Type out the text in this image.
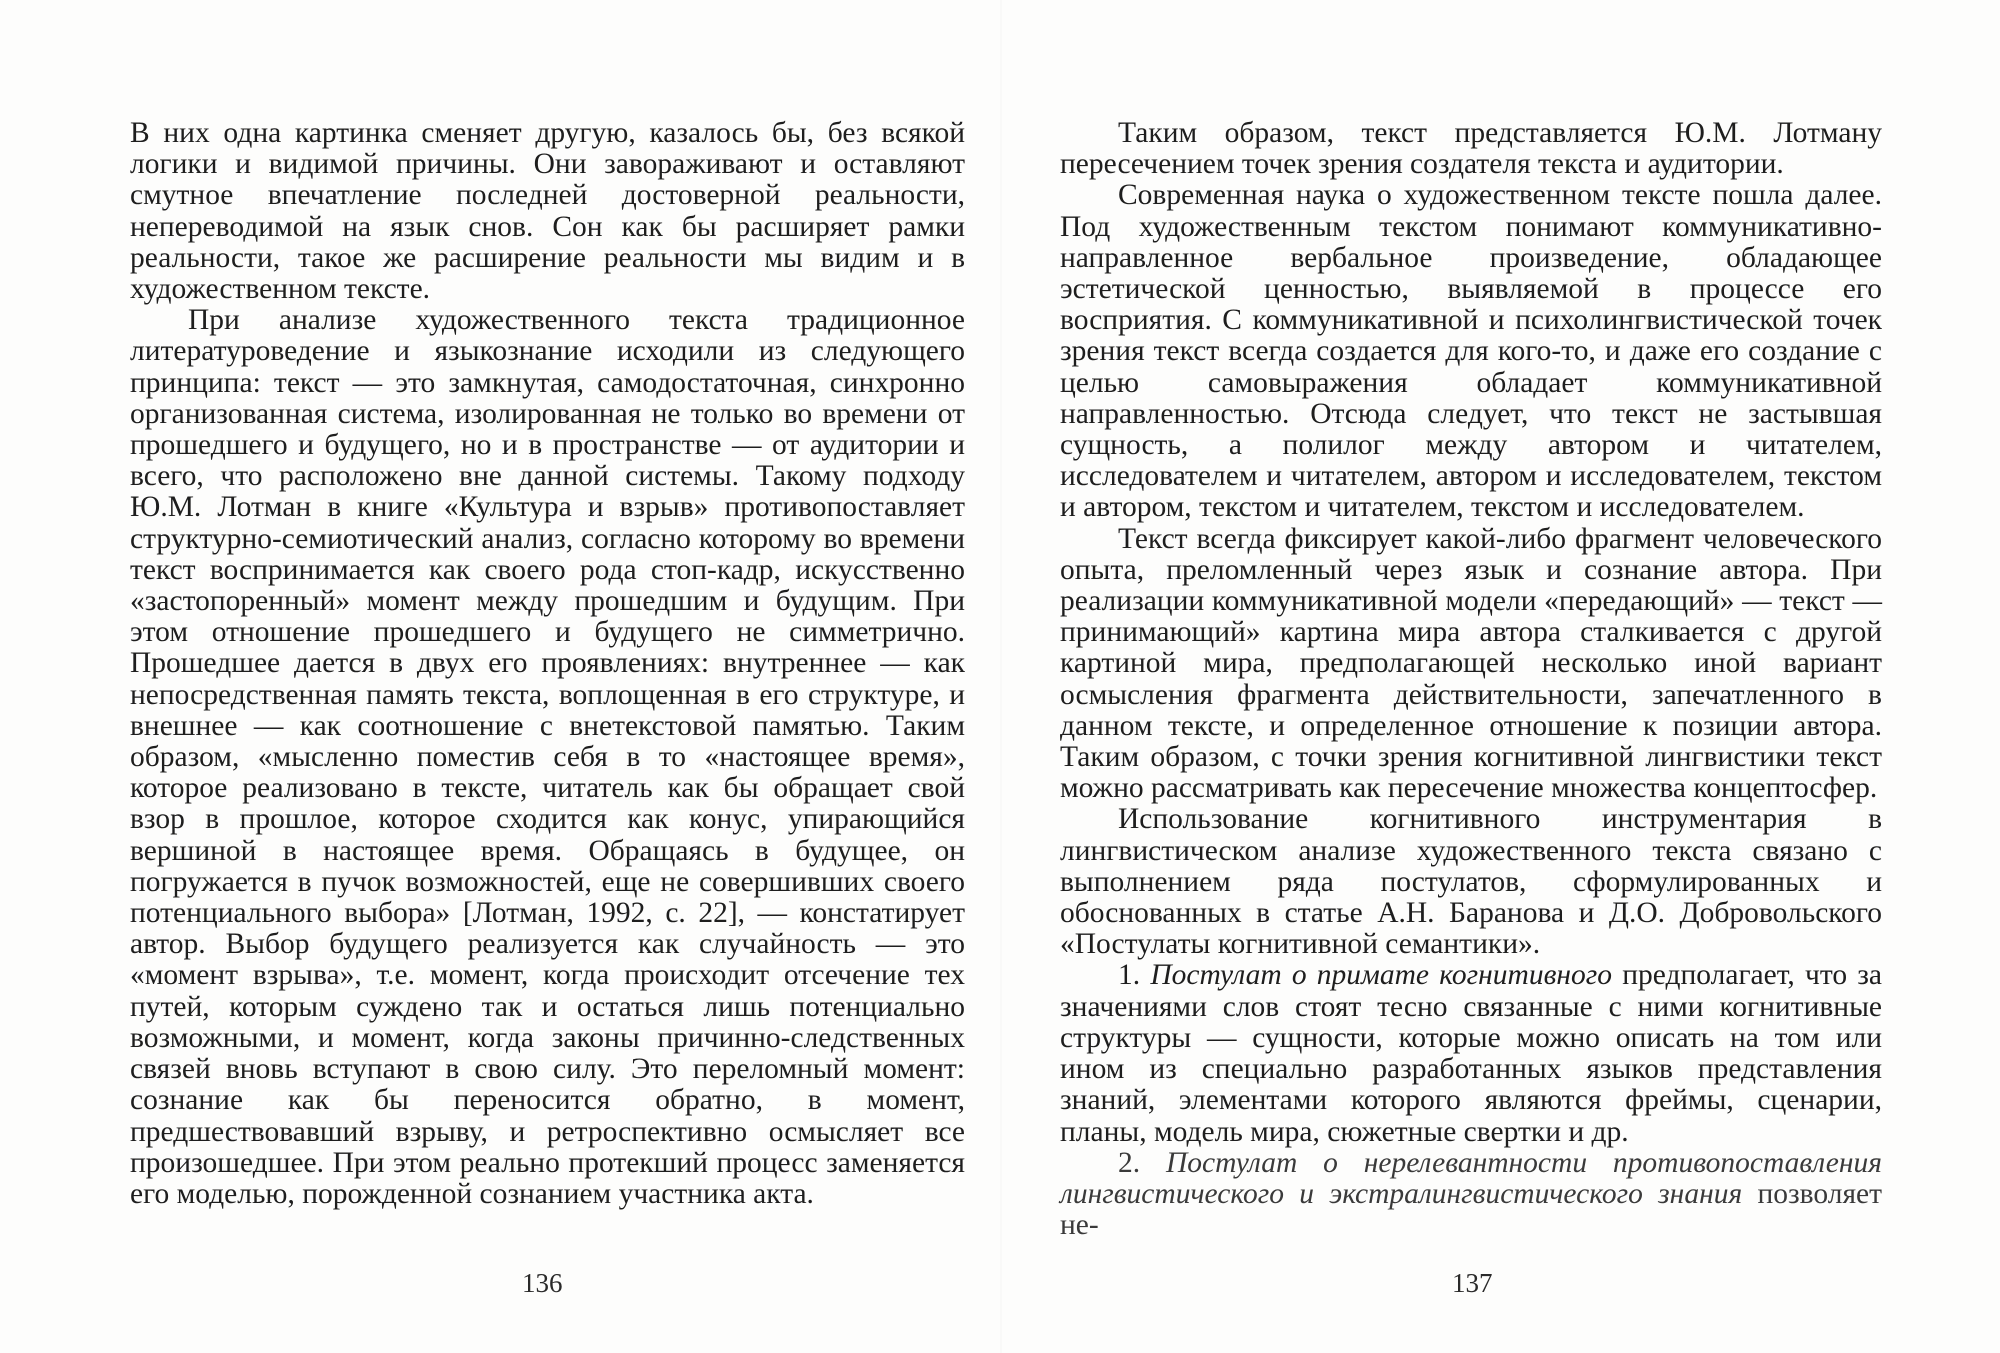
В них одна картинка сменяет другую, казалось бы, без всякой логики и видимой причины. Они завораживают и оставляют смутное впечатление последней достоверной реальности, непереводимой на язык снов. Сон как бы расширяет рамки реальности, такое же расширение реальности мы видим и в художественном тексте.

При анализе художественного текста традиционное литературоведение и языкознание исходили из следующего принципа: текст — это замкнутая, самодостаточная, синхронно организованная система, изолированная не только во времени от прошедшего и будущего, но и в пространстве — от аудитории и всего, что расположено вне данной системы. Такому подходу Ю.М. Лотман в книге «Культура и взрыв» противопоставляет структурно-семиотический анализ, согласно которому во времени текст воспринимается как своего рода стоп-кадр, искусственно «застопоренный» момент между прошедшим и будущим. При этом отношение прошедшего и будущего не симметрично. Прошедшее дается в двух его проявлениях: внутреннее — как непосредственная память текста, воплощенная в его структуре, и внешнее — как соотношение с внетекстовой памятью. Таким образом, «мысленно поместив себя в то «настоящее время», которое реализовано в тексте, читатель как бы обращает свой взор в прошлое, которое сходится как конус, упирающийся вершиной в настоящее время. Обращаясь в будущее, он погружается в пучок возможностей, еще не совершивших своего потенциального выбора» [Лотман, 1992, с. 22], — констатирует автор. Выбор будущего реализуется как случайность — это «момент взрыва», т.е. момент, когда происходит отсечение тех путей, которым суждено так и остаться лишь потенциально возможными, и момент, когда законы причинно-следственных связей вновь вступают в свою силу. Это переломный момент: сознание как бы переносится обратно, в момент, предшествовавший взрыву, и ретроспективно осмысляет все произошедшее. При этом реально протекший процесс заменяется его моделью, порожденной сознанием участника акта.

Таким образом, текст представляется Ю.М. Лотману пересечением точек зрения создателя текста и аудитории.

Современная наука о художественном тексте пошла далее. Под художественным текстом понимают коммуникативно-направленное вербальное произведение, обладающее эстетической ценностью, выявляемой в процессе его восприятия. С коммуникативной и психолингвистической точек зрения текст всегда создается для кого-то, и даже его создание с целью самовыражения обладает коммуникативной направленностью. Отсюда следует, что текст не застывшая сущность, а полилог между автором и читателем, исследователем и читателем, автором и исследователем, текстом и автором, текстом и читателем, текстом и исследователем.

Текст всегда фиксирует какой-либо фрагмент человеческого опыта, преломленный через язык и сознание автора. При реализации коммуникативной модели «передающий» — текст — принимающий» картина мира автора сталкивается с другой картиной мира, предполагающей несколько иной вариант осмысления фрагмента действительности, запечатленного в данном тексте, и определенное отношение к позиции автора. Таким образом, с точки зрения когнитивной лингвистики текст можно рассматривать как пересечение множества концептосфер.

Использование когнитивного инструментария в лингвистическом анализе художественного текста связано с выполнением ряда постулатов, сформулированных и обоснованных в статье А.Н. Баранова и Д.О. Добровольского «Постулаты когнитивной семантики».

1. Постулат о примате когнитивного предполагает, что за значениями слов стоят тесно связанные с ними когнитивные структуры — сущности, которые можно описать на том или ином из специально разработанных языков представления знаний, элементами которого являются фреймы, сценарии, планы, модель мира, сюжетные свертки и др.

2. Постулат о нерелевантности противопоставления лингвистического и экстралингвистического знания позволяет не-

136	137
